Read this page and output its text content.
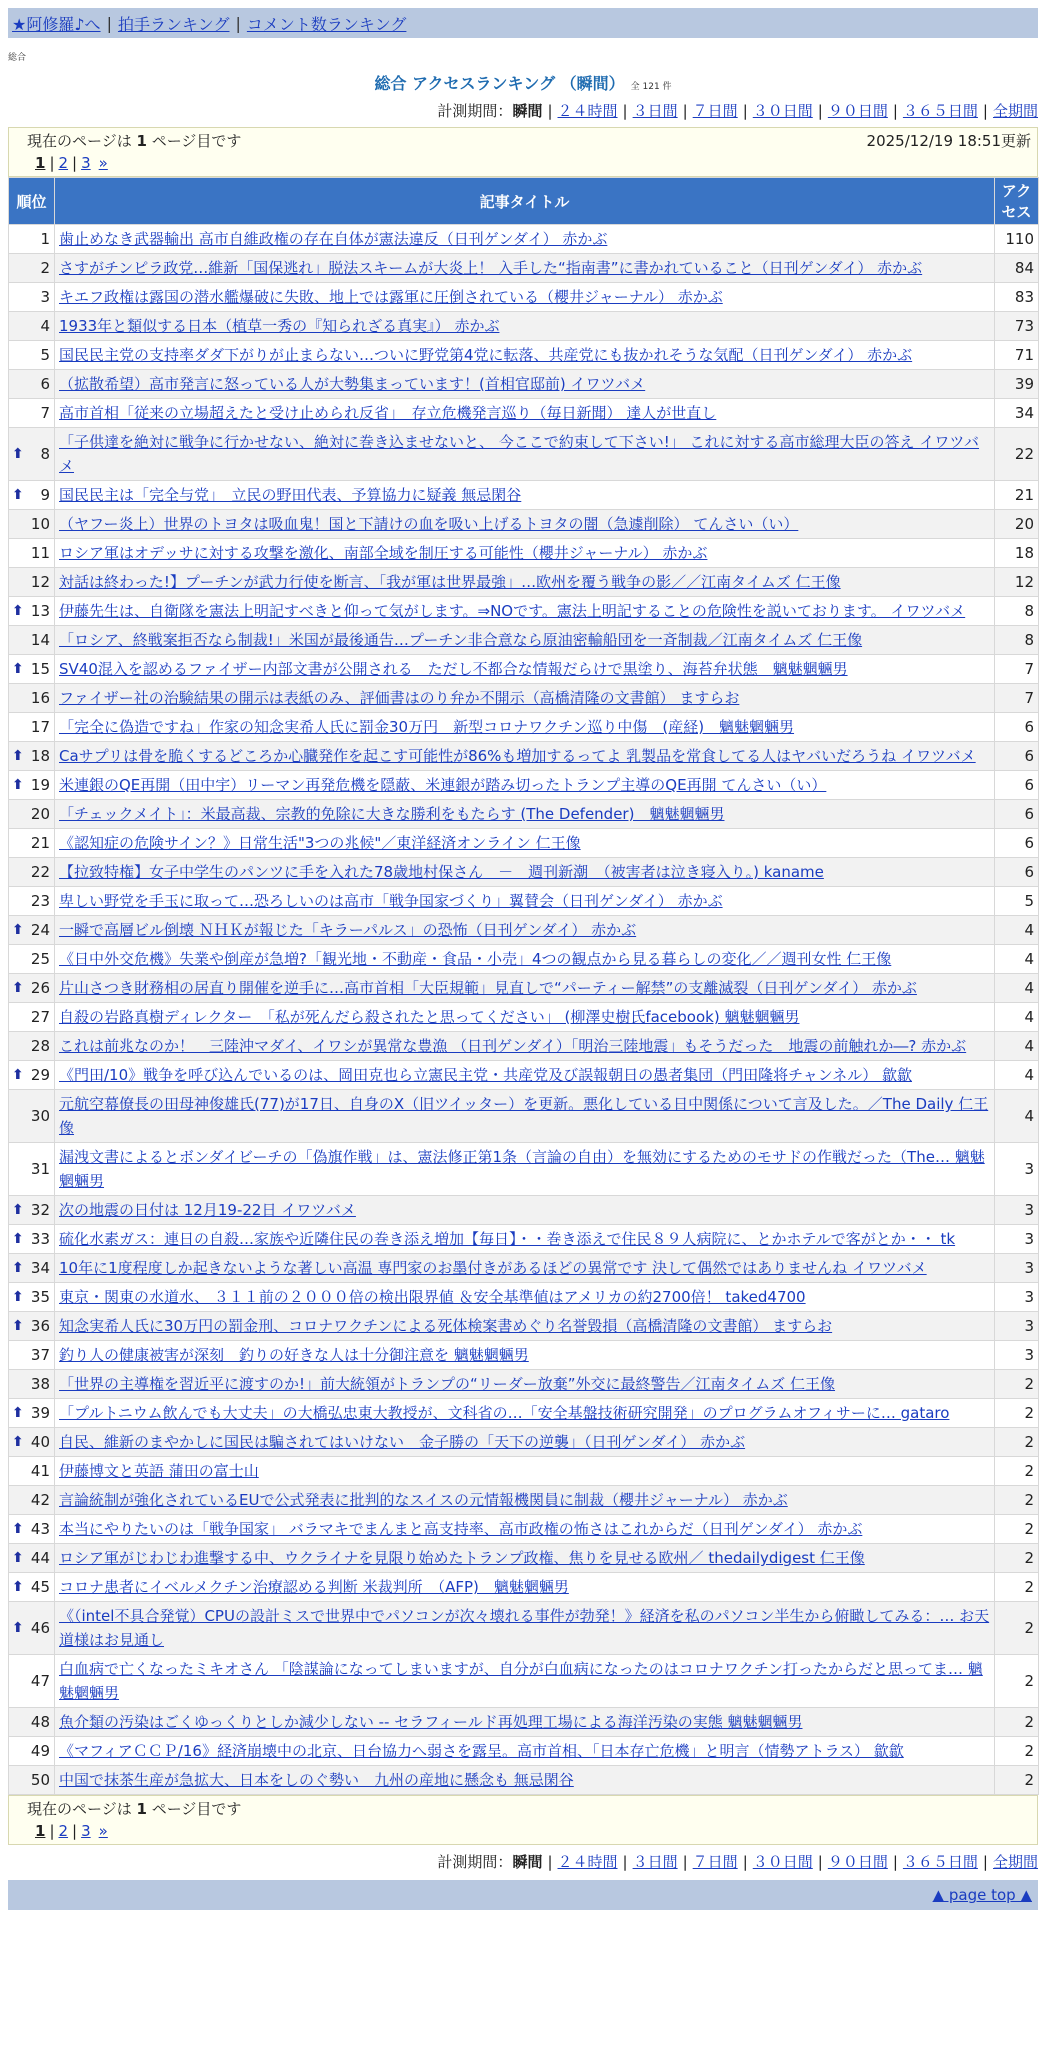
★阿修羅♪へ | 拍手ランキング | コメント数ランキング
総合
総合 アクセスランキング （瞬間） 全 121 件
計測期間：瞬間 | ２４時間 | ３日間 | ７日間 | ３０日間 | ９０日間 | ３６５日間 | 全期間
現在のページは 1 ページ目です	2025/12/19 18:51更新
1 | 2 | 3 »
順位	記事タイトル	アクセス
1	歯止めなき武器輸出 高市自維政権の存在自体が憲法違反（日刊ゲンダイ） 赤かぶ	110
2	さすがチンピラ政党…維新「国保逃れ」脱法スキームが大炎上！ 入手した“指南書”に書かれていること（日刊ゲンダイ） 赤かぶ	84
3	キエフ政権は露国の潜水艦爆破に失敗、地上では露軍に圧倒されている（櫻井ジャーナル） 赤かぶ	83
4	1933年と類似する日本（植草一秀の『知られざる真実』） 赤かぶ	73
5	国民民主党の支持率ダダ下がりが止まらない…ついに野党第4党に転落、共産党にも抜かれそうな気配（日刊ゲンダイ） 赤かぶ	71
6	（拡散希望）高市発言に怒っている人が大勢集まっています！(首相官邸前) イワツバメ	39
7	高市首相「従来の立場超えたと受け止められ反省」　存立危機発言巡り（毎日新聞） 達人が世直し	34

⬆ 8	「子供達を絶対に戦争に行かせない、絶対に巻き込ませないと、 今ここで約束して下さい!」 これに対する高市総理大臣の答え イワツバメ	22

⬆ 9	国民民主は「完全与党」　立民の野田代表、予算協力に疑義 無忌閑谷	21
10	（ヤフー炎上）世界のトヨタは吸血鬼！国と下請けの血を吸い上げるトヨタの闇（急遽削除） てんさい（い）	20
11	ロシア軍はオデッサに対する攻撃を激化、南部全域を制圧する可能性（櫻井ジャーナル） 赤かぶ	18
12	対話は終わった!】プーチンが武力行使を断言、「我が軍は世界最強」…欧州を覆う戦争の影／／江南タイムズ 仁王像	12

⬆ 13	伊藤先生は、自衛隊を憲法上明記すべきと仰って気がします。⇒NOです。憲法上明記することの危険性を説いております。 イワツバメ	8
14	「ロシア、終戦案拒否なら制裁!」米国が最後通告…プーチン非合意なら原油密輸船団を一斉制裁／江南タイムズ 仁王像	8

⬆ 15	SV40混入を認めるファイザー内部文書が公開される　ただし不都合な情報だらけで黒塗り、海苔弁状態　魑魅魍魎男	7
16	ファイザー社の治験結果の開示は表紙のみ、評価書はのり弁か不開示（高橋清隆の文書館） ますらお	7
17	「完全に偽造ですね」作家の知念実希人氏に罰金30万円　新型コロナワクチン巡り中傷　(産経)　魑魅魍魎男	6

⬆ 18	Caサプリは骨を脆くするどころか心臓発作を起こす可能性が86%も増加するってよ 乳製品を常食してる人はヤバいだろうね イワツバメ	6

⬆ 19	米連銀のQE再開（田中宇）リーマン再発危機を隠蔽、米連銀が踏み切ったトランプ主導のQE再開 てんさい（い）	6
20	「チェックメイト」：米最高裁、宗教的免除に大きな勝利をもたらす (The Defender)　魑魅魍魎男	6
21	《認知症の危険サイン？》日常生活"3つの兆候"／東洋経済オンライン 仁王像	6
22	【拉致特権】女子中学生のパンツに手を入れた78歳地村保さん　－　週刊新潮　（被害者は泣き寝入り。) kaname	6
23	卑しい野党を手玉に取って…恐ろしいのは高市「戦争国家づくり」翼賛会（日刊ゲンダイ） 赤かぶ	5

⬆ 24	一瞬で高層ビル倒壊 ＮＨＫが報じた「キラーパルス」の恐怖（日刊ゲンダイ） 赤かぶ	4
25	《日中外交危機》失業や倒産が急増?「観光地・不動産・食品・小売」4つの観点から見る暮らしの変化／／週刊女性 仁王像	4

⬆ 26	片山さつき財務相の居直り開催を逆手に…高市首相「大臣規範」見直しで“パーティー解禁”の支離滅裂（日刊ゲンダイ） 赤かぶ	4
27	自殺の岩路真樹ディレクター　「私が死んだら殺されたと思ってください」 (柳澤史樹氏facebook) 魑魅魍魎男	4
28	これは前兆なのか！　三陸沖マダイ、イワシが異常な豊漁 （日刊ゲンダイ）「明治三陸地震」もそうだった　地震の前触れか―? 赤かぶ	4

⬆ 29	《門田/10》戦争を呼び込んでいるのは、岡田克也ら立憲民主党・共産党及び誤報朝日の愚者集団（門田隆将チャンネル） 歙歙	4
30	元航空幕僚長の田母神俊雄氏(77)が17日、自身のX（旧ツイッター）を更新。悪化している日中関係について言及した。／The Daily 仁王像	4
31	漏洩文書によるとボンダイビーチの「偽旗作戦」は、憲法修正第1条（言論の自由）を無効にするためのモサドの作戦だった（The… 魑魅魍魎男	3

⬆ 32	次の地震の日付は 12月19-22日 イワツバメ	3

⬆ 33	硫化水素ガス：連日の自殺…家族や近隣住民の巻き添え増加【毎日】・・巻き添えで住民８９人病院に、とかホテルで客がとか・・ tk	3

⬆ 34	10年に1度程度しか起きないような著しい高温 専門家のお墨付きがあるほどの異常です 決して偶然ではありませんね イワツバメ	3

⬆ 35	東京・関東の水道水、 ３１１前の２０００倍の検出限界値 ＆安全基準値はアメリカの約2700倍！ taked4700	3

⬆ 36	知念実希人氏に30万円の罰金刑、コロナワクチンによる死体検案書めぐり名誉毀損（高橋清隆の文書館） ますらお	3
37	釣り人の健康被害が深刻　釣りの好きな人は十分御注意を 魑魅魍魎男	3
38	「世界の主導権を習近平に渡すのか!」前大統領がトランプの“リーダー放棄”外交に最終警告／江南タイムズ 仁王像	2

⬆ 39	「プルトニウム飲んでも大丈夫」の大橋弘忠東大教授が、文科省の…「安全基盤技術研究開発」のプログラムオフィサーに… gataro	2

⬆ 40	自民、維新のまやかしに国民は騙されてはいけない　金子勝の「天下の逆襲」（日刊ゲンダイ） 赤かぶ	2
41	伊藤博文と英語 蒲田の富士山	2
42	言論統制が強化されているEUで公式発表に批判的なスイスの元情報機関員に制裁（櫻井ジャーナル） 赤かぶ	2

⬆ 43	本当にやりたいのは「戦争国家」 バラマキでまんまと高支持率、高市政権の怖さはこれからだ（日刊ゲンダイ） 赤かぶ	2

⬆ 44	ロシア軍がじわじわ進撃する中、ウクライナを見限り始めたトランプ政権、焦りを見せる欧州／ thedailydigest 仁王像	2

⬆ 45	コロナ患者にイベルメクチン治療認める判断 米裁判所　（AFP)　魑魅魍魎男	2

⬆ 46	《（intel不具合発覚）CPUの設計ミスで世界中でパソコンが次々壊れる事件が勃発！》経済を私のパソコン半生から俯瞰してみる：… お天道様はお見通し	2
47	白血病で亡くなったミキオさん 「陰謀論になってしまいますが、自分が白血病になったのはコロナワクチン打ったからだと思ってま… 魑魅魍魎男	2
48	魚介類の汚染はごくゆっくりとしか減少しない -- セラフィールド再処理工場による海洋汚染の実態 魑魅魍魎男	2
49	《マフィアＣＣＰ/16》経済崩壊中の北京、日台協力へ弱さを露呈。高市首相、「日本存亡危機」と明言（情勢アトラス） 歙歙	2
50	中国で抹茶生産が急拡大、日本をしのぐ勢い　九州の産地に懸念も 無忌閑谷	2
現在のページは 1 ページ目です
1 | 2 | 3 »
計測期間：瞬間 | ２４時間 | ３日間 | ７日間 | ３０日間 | ９０日間 | ３６５日間 | 全期間
▲ page top ▲
